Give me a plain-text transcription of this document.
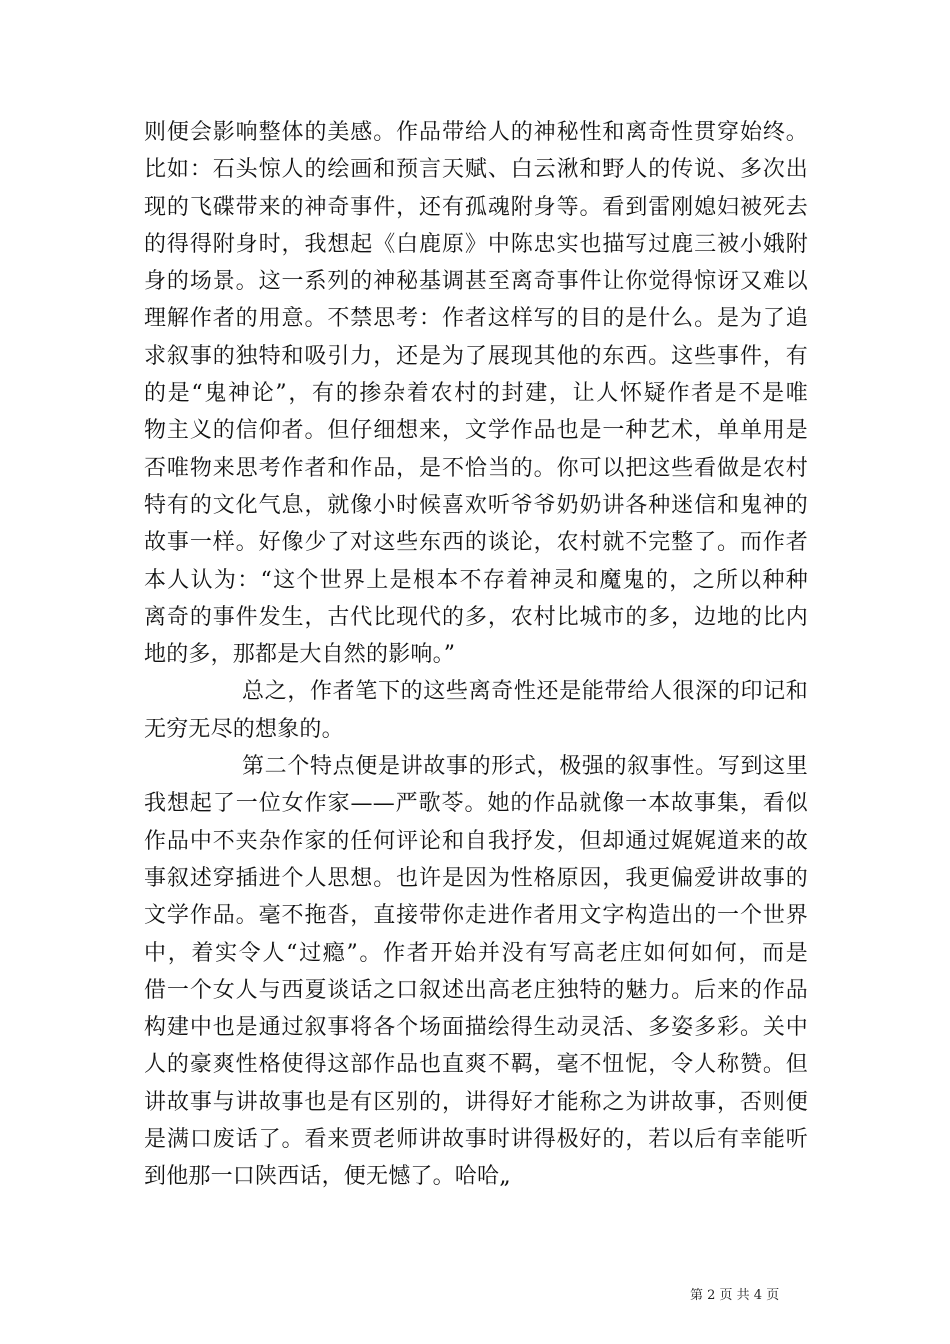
则便会影响整体的美感。作品带给人的神秘性和离奇性贯穿始终。
比如：石头惊人的绘画和预言天赋、白云湫和野人的传说、多次出
现的飞碟带来的神奇事件，还有孤魂附身等。看到雷刚媳妇被死去
的得得附身时，我想起《白鹿原》中陈忠实也描写过鹿三被小娥附
身的场景。这一系列的神秘基调甚至离奇事件让你觉得惊讶又难以
理解作者的用意。不禁思考：作者这样写的目的是什么。是为了追
求叙事的独特和吸引力，还是为了展现其他的东西。这些事件，有
的是“鬼神论”，有的掺杂着农村的封建，让人怀疑作者是不是唯
物主义的信仰者。但仔细想来，文学作品也是一种艺术，单单用是
否唯物来思考作者和作品，是不恰当的。你可以把这些看做是农村
特有的文化气息，就像小时候喜欢听爷爷奶奶讲各种迷信和鬼神的
故事一样。好像少了对这些东西的谈论，农村就不完整了。而作者
本人认为：“这个世界上是根本不存着神灵和魔鬼的，之所以种种
离奇的事件发生，古代比现代的多，农村比城市的多，边地的比内
地的多，那都是大自然的影响。”
总之，作者笔下的这些离奇性还是能带给人很深的印记和
无穷无尽的想象的。
第二个特点便是讲故事的形式，极强的叙事性。写到这里
我想起了一位女作家——严歌苓。她的作品就像一本故事集，看似
作品中不夹杂作家的任何评论和自我抒发，但却通过娓娓道来的故
事叙述穿插进个人思想。也许是因为性格原因，我更偏爱讲故事的
文学作品。毫不拖沓，直接带你走进作者用文字构造出的一个世界
中，着实令人“过瘾”。作者开始并没有写高老庄如何如何，而是
借一个女人与西夏谈话之口叙述出高老庄独特的魅力。后来的作品
构建中也是通过叙事将各个场面描绘得生动灵活、多姿多彩。关中
人的豪爽性格使得这部作品也直爽不羁，毫不忸怩，令人称赞。但
讲故事与讲故事也是有区别的，讲得好才能称之为讲故事，否则便
是满口废话了。看来贾老师讲故事时讲得极好的，若以后有幸能听
到他那一口陕西话，便无憾了。哈哈„
第 2 页 共 4 页
